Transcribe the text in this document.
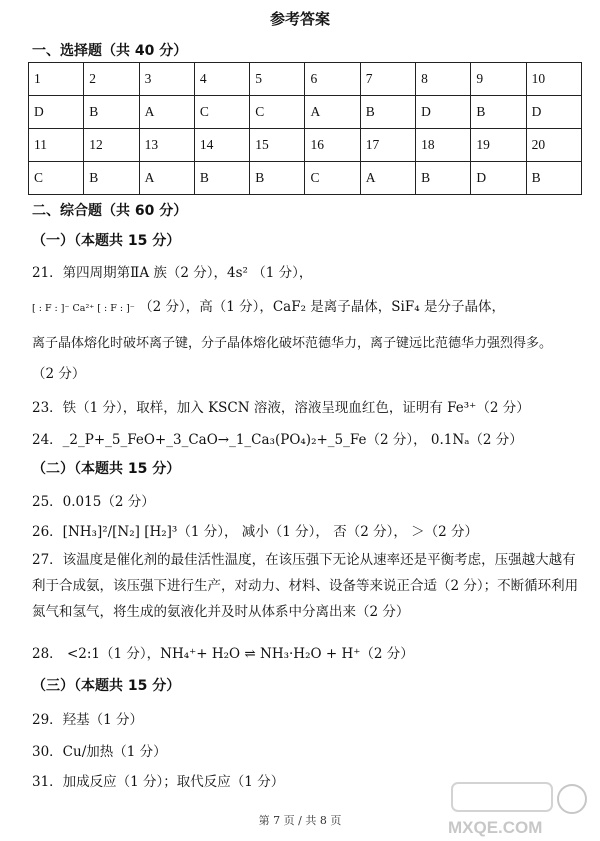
参考答案
一、选择题（共 40 分）
1	2	3	4	5	6	7	8	9	10
D	B	A	C	C	A	B	D	B	D
11	12	13	14	15	16	17	18	19	20
C	B	A	B	B	C	A	B	D	B
二、综合题（共 60 分）
（一）（本题共 15 分）
21．第四周期第ⅡA 族（2 分），4s² （1 分），
[ : F : ]⁻ Ca²⁺ [ : F : ]⁻ （2 分），高（1 分），CaF₂ 是离子晶体，SiF₄ 是分子晶体，
离子晶体熔化时破坏离子键，分子晶体熔化破坏范德华力，离子键远比范德华力强烈得多。
（2 分）
23．铁（1 分），取样，加入 KSCN 溶液，溶液呈现血红色，证明有 Fe³⁺（2 分）
24．_2_P+_5_FeO+_3_CaO→_1_Ca₃(PO₄)₂+_5_Fe（2 分）， 0.1Nₐ（2 分）
（二）（本题共 15 分）
25．0.015（2 分）
26．[NH₃]²/[N₂] [H₂]³（1 分）， 减小（1 分）， 否（2 分）， ＞（2 分）
27．该温度是催化剂的最佳活性温度，在该压强下无论从速率还是平衡考虑，压强越大越有利于合成氨，该压强下进行生产，对动力、材料、设备等来说正合适（2 分）；不断循环利用氮气和氢气，将生成的氨液化并及时从体系中分离出来（2 分）
28． <2:1（1 分），NH₄⁺+ H₂O ⇌ NH₃·H₂O + H⁺（2 分）
（三）（本题共 15 分）
29．羟基（1 分）
30．Cu/加热（1 分）
31．加成反应（1 分）；取代反应（1 分）
第 7 页 / 共 8 页	MXQE.COM
